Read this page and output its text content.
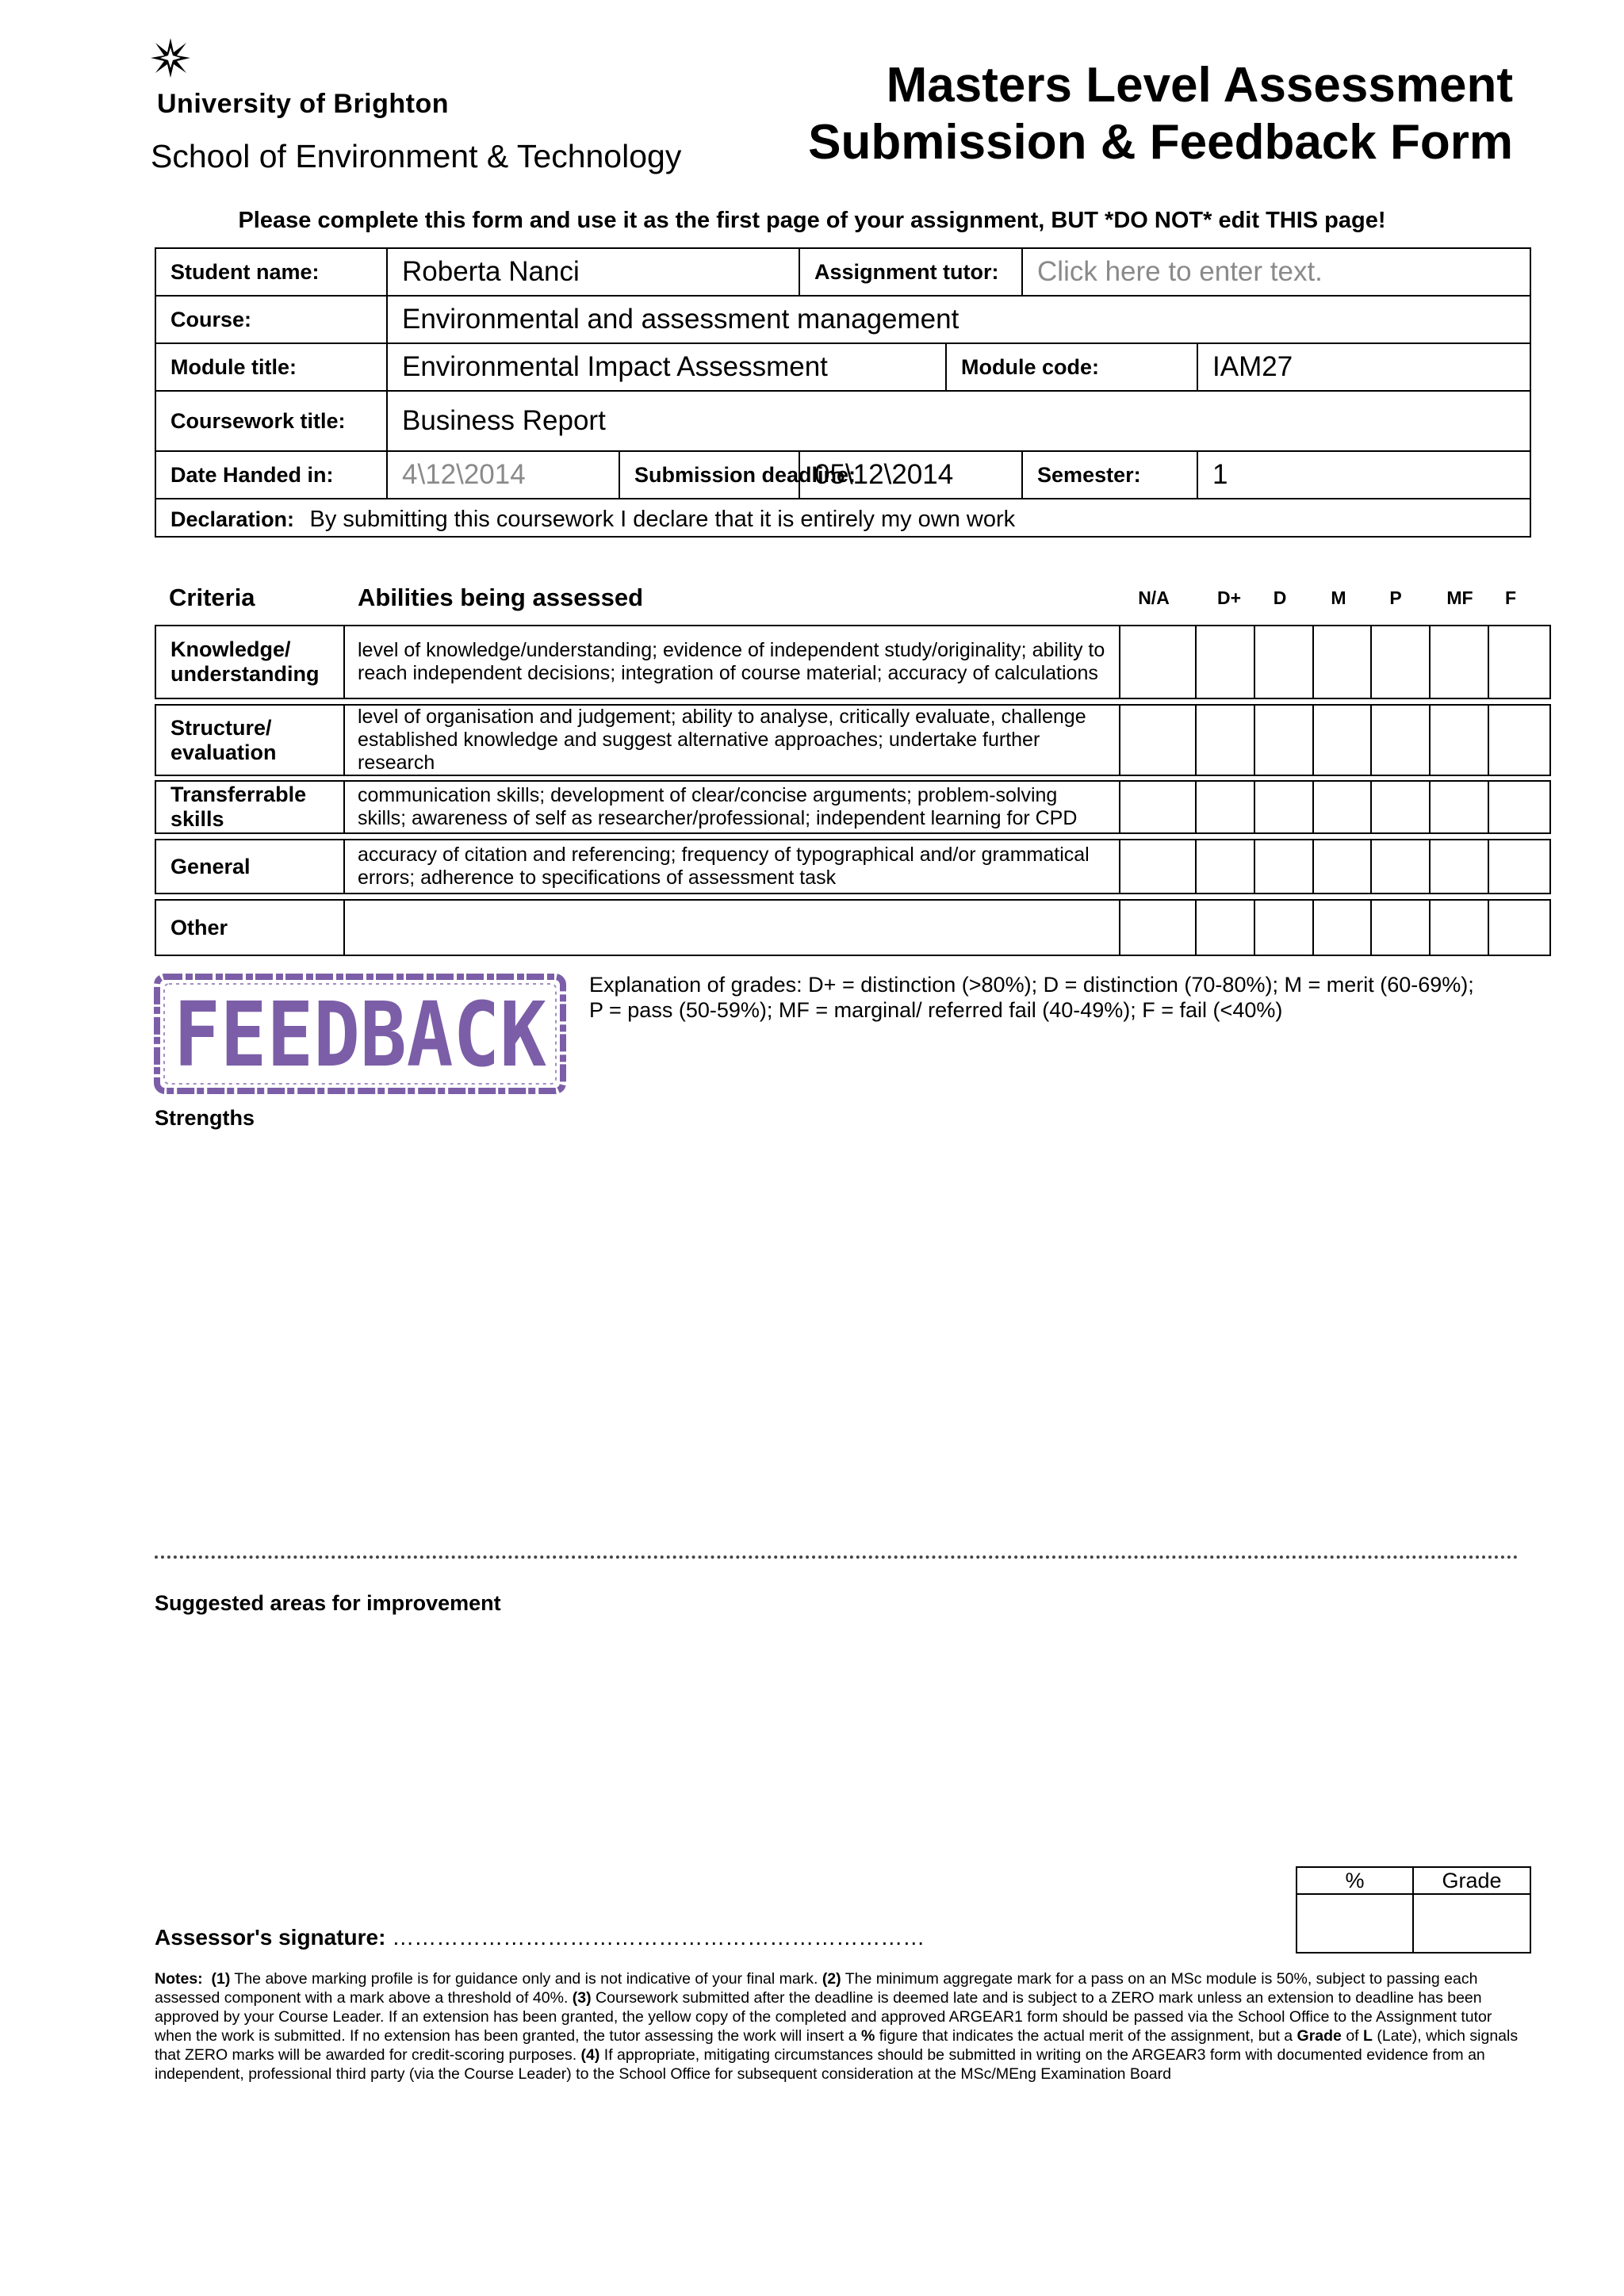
University of Brighton
School of Environment & Technology
Masters Level Assessment
Submission & Feedback Form
Please complete this form and use it as the first page of your assignment, BUT *DO NOT* edit THIS page!
Student name:	Roberta Nanci		Assignment tutor:		Click here to enter text.	
Course:	Environmental and assessment management					
Module title:	Environmental Impact Assessment			Module code:		IAM27
Coursework title:	Business Report					
Date Handed in:	4\12\2014	Submission deadline:	05\12\2014		Semester:	1
Declaration: By submitting this coursework I declare that it is entirely my own work						
Criteria	Abilities being assessed	N/A	D+	D	M	P	MF	F
Knowledge/ understanding	level of knowledge/understanding; evidence of independent study/originality; ability to reach independent decisions; integration of course material; accuracy of calculations							
Structure/ evaluation	level of organisation and judgement; ability to analyse, critically evaluate, challenge established knowledge and suggest alternative approaches; undertake further research							
Transferrable skills	communication skills; development of clear/concise arguments; problem-solving skills; awareness of self as researcher/professional; independent learning for CPD							
General	accuracy of citation and referencing; frequency of typographical and/or grammatical errors; adherence to specifications of assessment task							
Other								
FEEDBACK Explanation of grades: D+ = distinction (>80%); D = distinction (70-80%); M = merit (60-69%);
P = pass (50-59%); MF = marginal/ referred fail (40-49%); F = fail (<40%)
Strengths
Suggested areas for improvement
%	Grade

Assessor's signature: ………………………………………………………………
Notes: (1) The above marking profile is for guidance only and is not indicative of your final mark. (2) The minimum aggregate mark for a pass on an MSc module is 50%, subject to passing each assessed component with a mark above a threshold of 40%. (3) Coursework submitted after the deadline is deemed late and is subject to a ZERO mark unless an extension to deadline has been approved by your Course Leader. If an extension has been granted, the yellow copy of the completed and approved ARGEAR1 form should be passed via the School Office to the Assignment tutor when the work is submitted. If no extension has been granted, the tutor assessing the work will insert a % figure that indicates the actual merit of the assignment, but a Grade of L (Late), which signals that ZERO marks will be awarded for credit-scoring purposes. (4) If appropriate, mitigating circumstances should be submitted in writing on the ARGEAR3 form with documented evidence from an independent, professional third party (via the Course Leader) to the School Office for subsequent consideration at the MSc/MEng Examination Board
